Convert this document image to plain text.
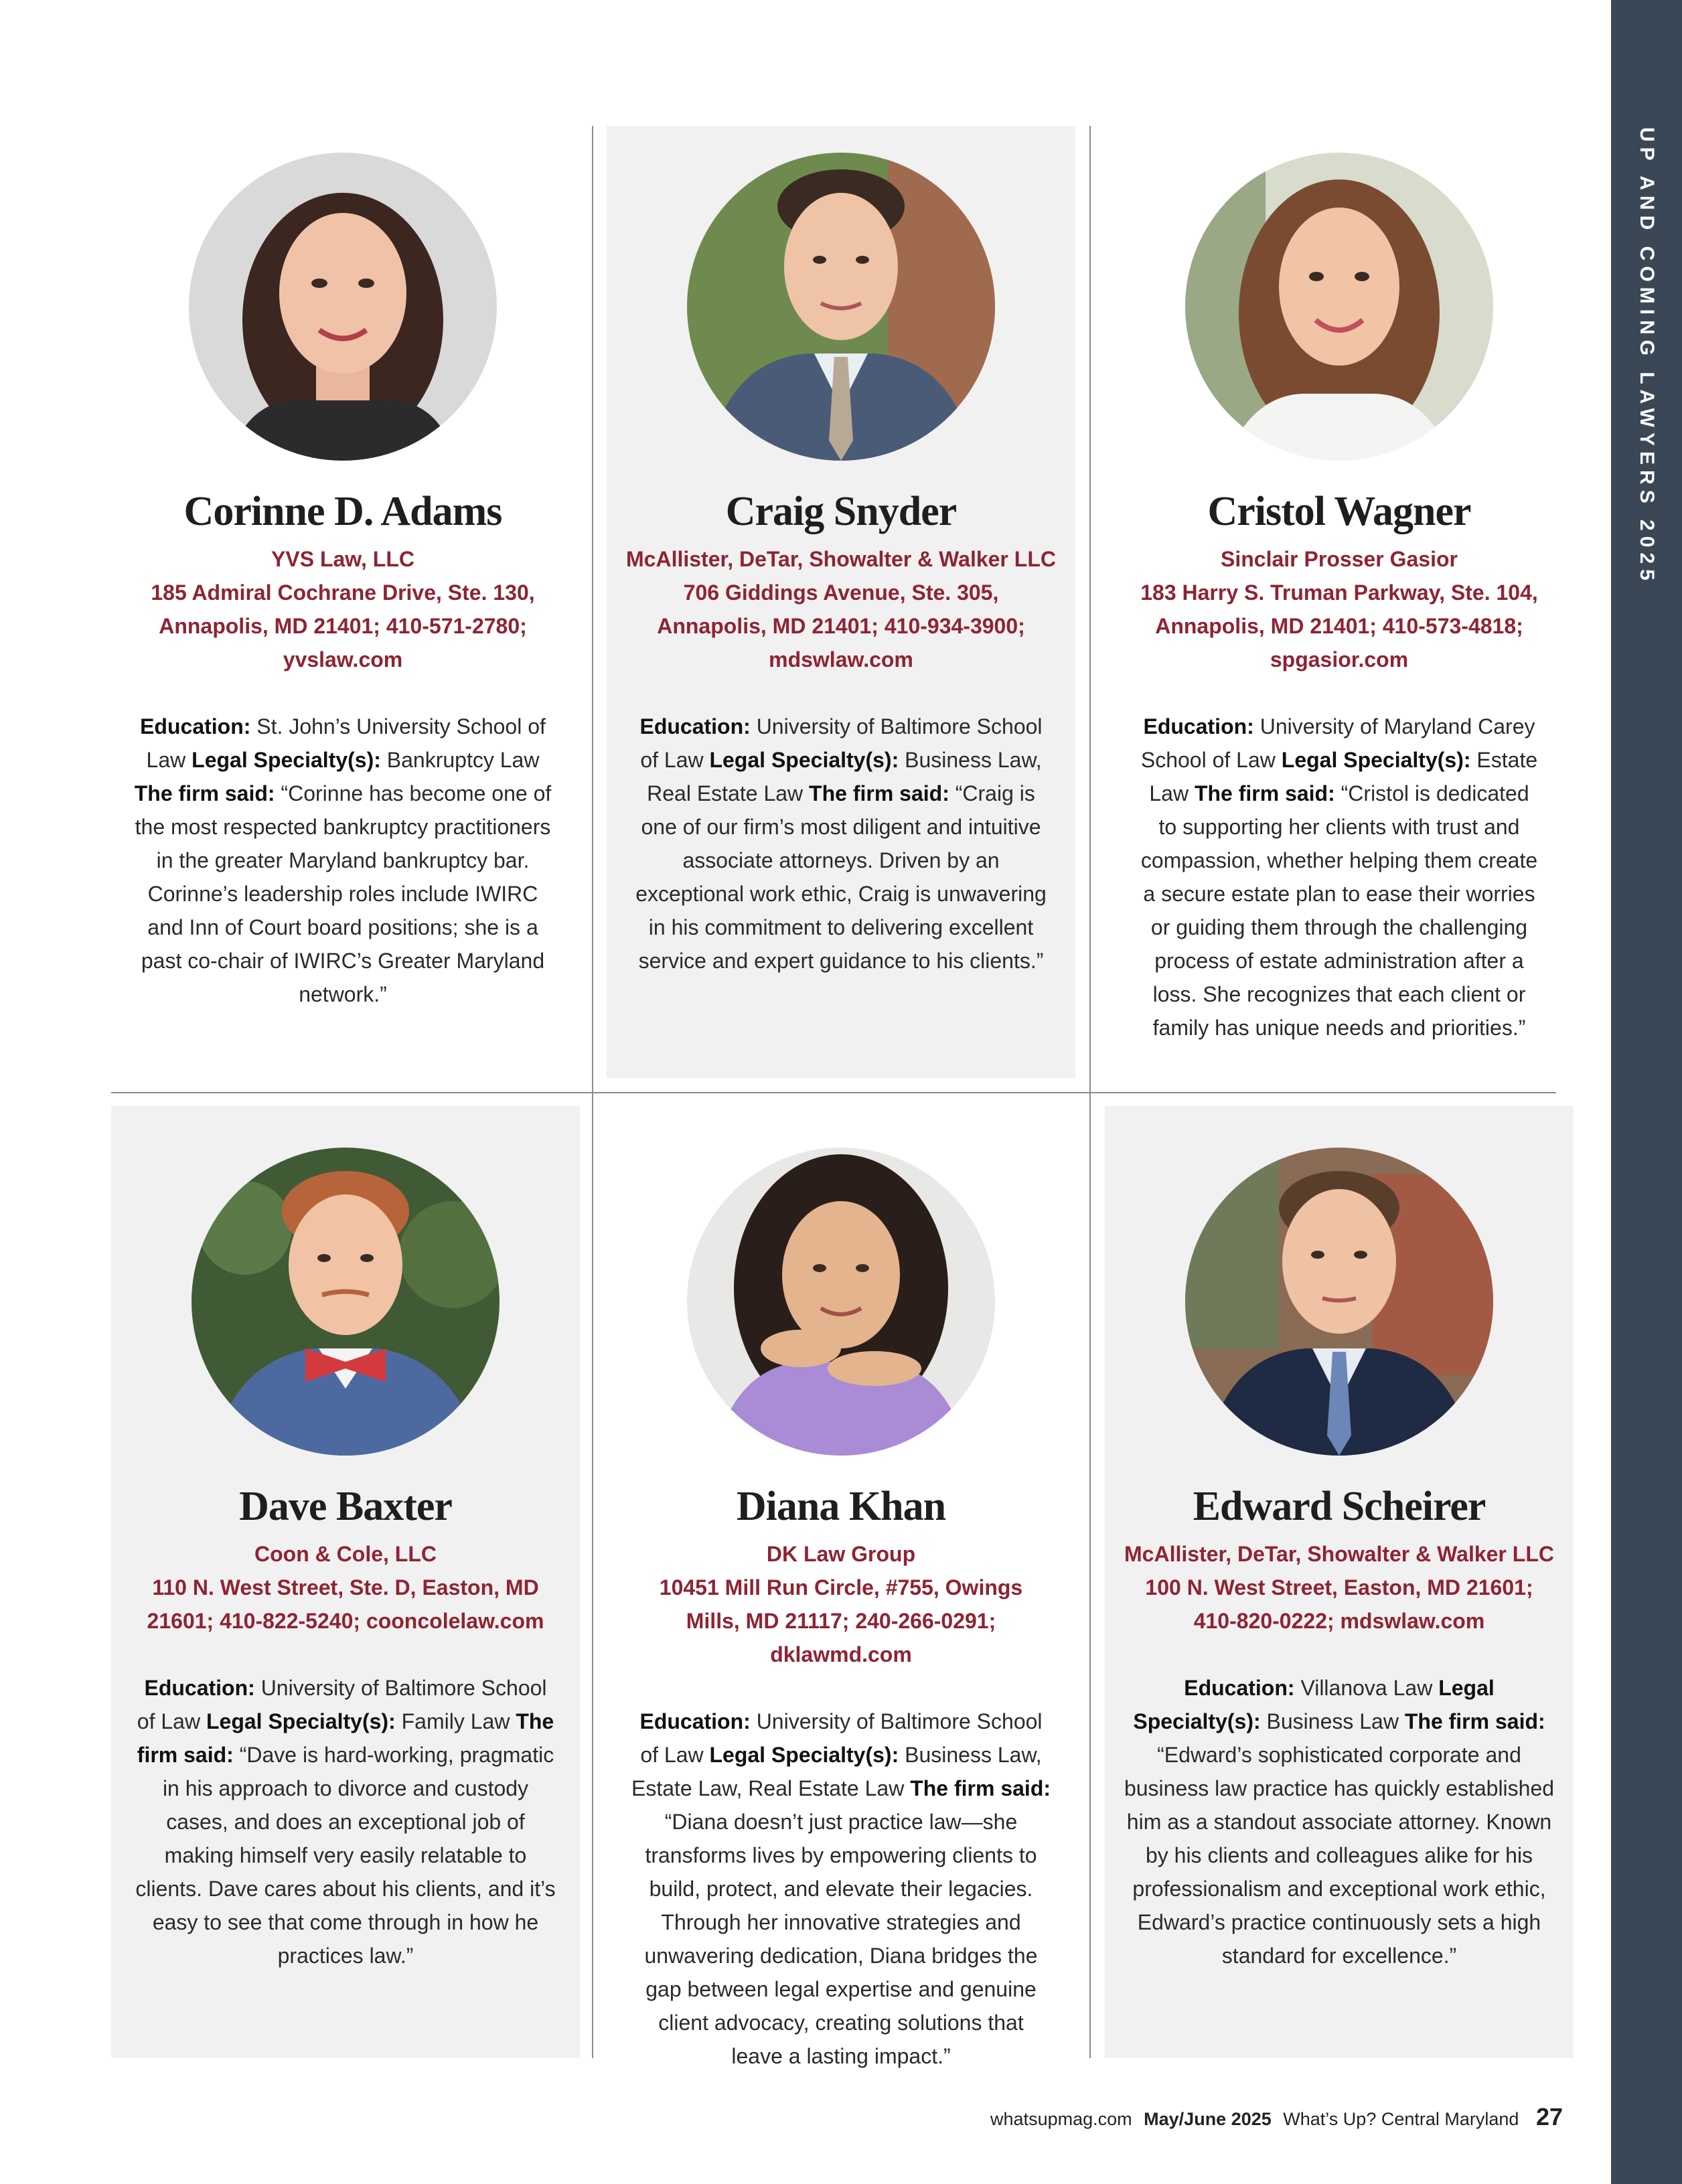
UP AND COMING LAWYERS 2025
Corinne D. Adams
YVS Law, LLC
185 Admiral Cochrane Drive, Ste. 130, Annapolis, MD 21401; 410-571-2780; yvslaw.com
Education: St. John’s University School of Law Legal Specialty(s): Bankruptcy Law The firm said: “Corinne has become one of the most respected bankruptcy practitioners in the greater Maryland bankruptcy bar. Corinne’s leadership roles include IWIRC and Inn of Court board positions; she is a past co-chair of IWIRC’s Greater Maryland network.”
Craig Snyder
McAllister, DeTar, Showalter & Walker LLC
706 Giddings Avenue, Ste. 305, Annapolis, MD 21401; 410-934-3900; mdswlaw.com
Education: University of Baltimore School of Law Legal Specialty(s): Business Law, Real Estate Law The firm said: “Craig is one of our firm’s most diligent and intuitive associate attorneys. Driven by an exceptional work ethic, Craig is unwavering in his commitment to delivering excellent service and expert guidance to his clients.”
Cristol Wagner
Sinclair Prosser Gasior
183 Harry S. Truman Parkway, Ste. 104, Annapolis, MD 21401; 410-573-4818; spgasior.com
Education: University of Maryland Carey School of Law Legal Specialty(s): Estate Law The firm said: “Cristol is dedicated to supporting her clients with trust and compassion, whether helping them create a secure estate plan to ease their worries or guiding them through the challenging process of estate administration after a loss. She recognizes that each client or family has unique needs and priorities.”
Dave Baxter
Coon & Cole, LLC
110 N. West Street, Ste. D, Easton, MD 21601; 410-822-5240; cooncolelaw.com
Education: University of Baltimore School of Law Legal Specialty(s): Family Law The firm said: “Dave is hard-working, pragmatic in his approach to divorce and custody cases, and does an exceptional job of making himself very easily relatable to clients. Dave cares about his clients, and it’s easy to see that come through in how he practices law.”
Diana Khan
DK Law Group
10451 Mill Run Circle, #755, Owings Mills, MD 21117; 240-266-0291; dklawmd.com
Education: University of Baltimore School of Law Legal Specialty(s): Business Law, Estate Law, Real Estate Law The firm said: “Diana doesn’t just practice law—she transforms lives by empowering clients to build, protect, and elevate their legacies. Through her innovative strategies and unwavering dedication, Diana bridges the gap between legal expertise and genuine client advocacy, creating solutions that leave a lasting impact.”
Edward Scheirer
McAllister, DeTar, Showalter & Walker LLC
100 N. West Street, Easton, MD 21601; 410-820-0222; mdswlaw.com
Education: Villanova Law Legal Specialty(s): Business Law The firm said: “Edward’s sophisticated corporate and business law practice has quickly established him as a standout associate attorney. Known by his clients and colleagues alike for his professionalism and exceptional work ethic, Edward’s practice continuously sets a high standard for excellence.”
whatsupmag.com May/June 2025 What’s Up? Central Maryland 27
